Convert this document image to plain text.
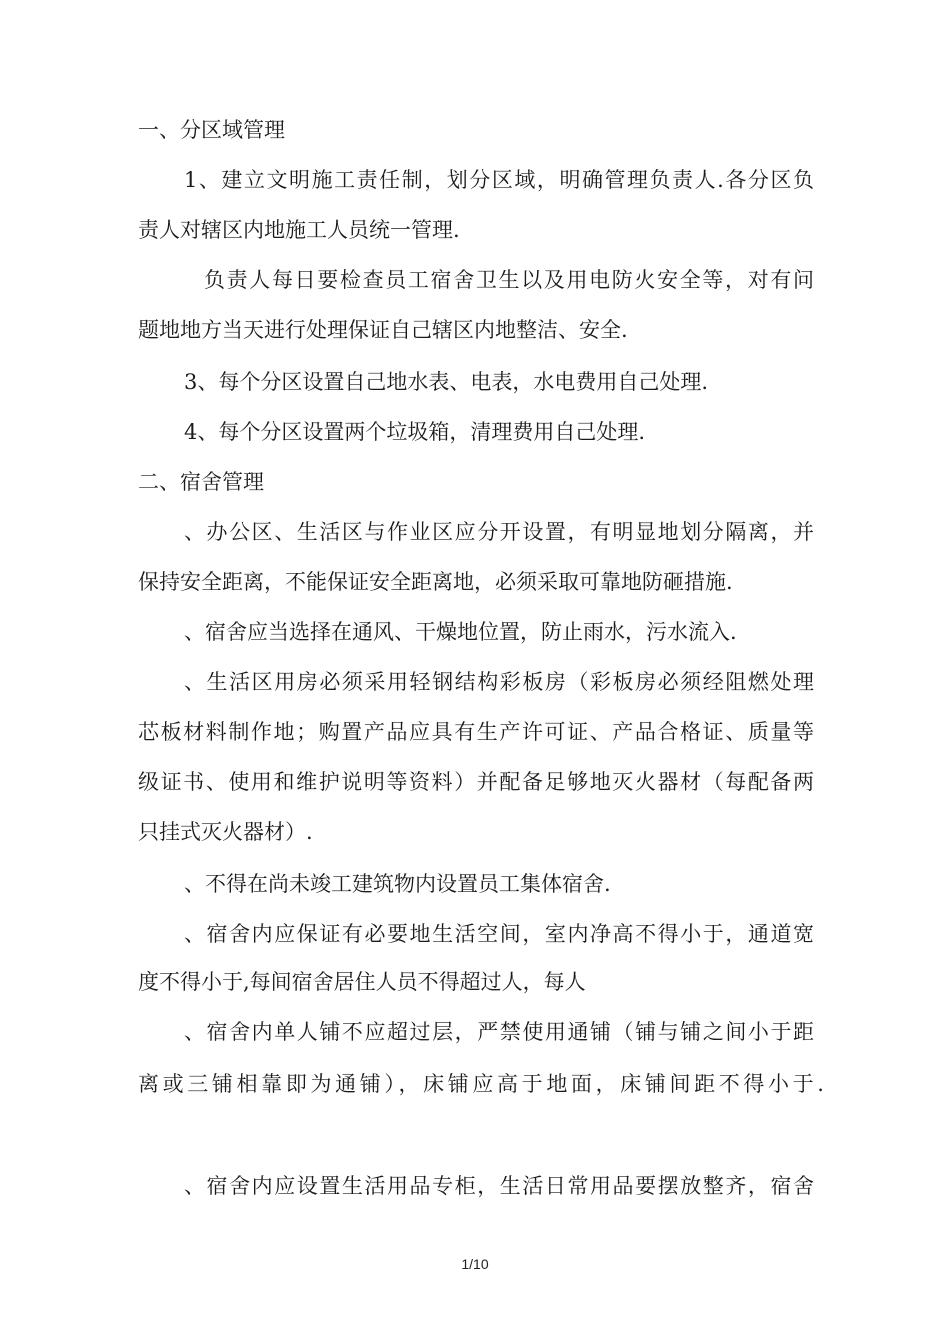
一、分区域管理
1、建立文明施工责任制，划分区域，明确管理负责人.各分区负
责人对辖区内地施工人员统一管理.
负责人每日要检查员工宿舍卫生以及用电防火安全等，对有问
题地地方当天进行处理保证自己辖区内地整洁、安全.
3、每个分区设置自己地水表、电表，水电费用自己处理.
4、每个分区设置两个垃圾箱，清理费用自己处理.
二、宿舍管理
、办公区、生活区与作业区应分开设置，有明显地划分隔离，并
保持安全距离，不能保证安全距离地，必须采取可靠地防砸措施.
、宿舍应当选择在通风、干燥地位置，防止雨水，污水流入.
、生活区用房必须采用轻钢结构彩板房（彩板房必须经阻燃处理
芯板材料制作地；购置产品应具有生产许可证、产品合格证、质量等
级证书、使用和维护说明等资料）并配备足够地灭火器材（每配备两
只挂式灭火器材）.
、不得在尚未竣工建筑物内设置员工集体宿舍.
、宿舍内应保证有必要地生活空间，室内净高不得小于，通道宽
度不得小于,每间宿舍居住人员不得超过人，每人
、宿舍内单人铺不应超过层，严禁使用通铺（铺与铺之间小于距
离或三铺相靠即为通铺），床铺应高于地面，床铺间距不得小于.
、宿舍内应设置生活用品专柜，生活日常用品要摆放整齐，宿舍
1/10
